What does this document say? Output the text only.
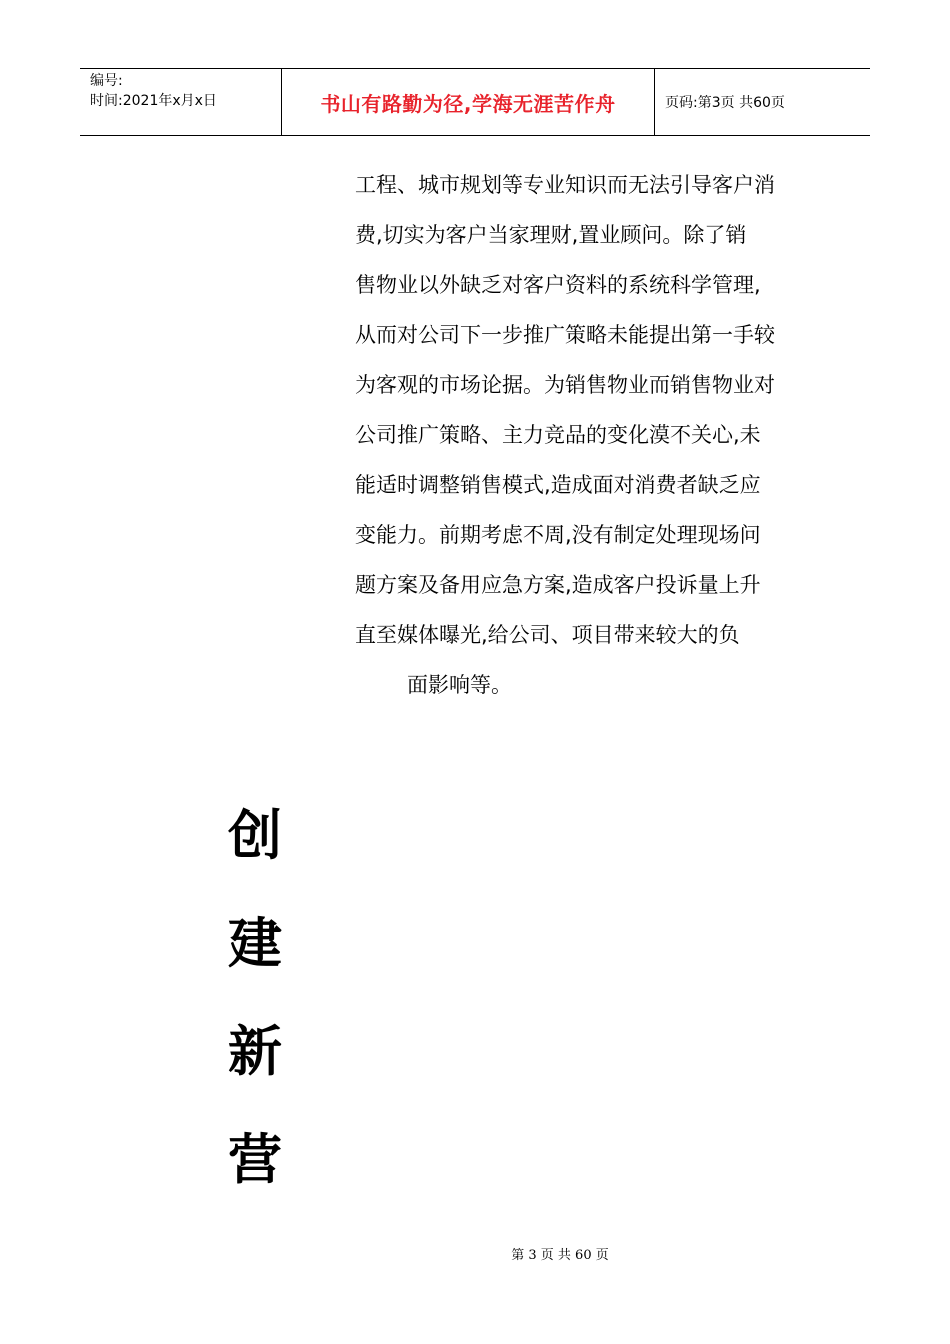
编号:
时间:2021年x月x日	书山有路勤为径,学海无涯苦作舟	页码:第3页 共60页
工程、城市规划等专业知识而无法引导客户消
费,切实为客户当家理财,置业顾问。除了销
售物业以外缺乏对客户资料的系统科学管理,
从而对公司下一步推广策略未能提出第一手较
为客观的市场论据。为销售物业而销售物业对
公司推广策略、主力竞品的变化漠不关心,未
能适时调整销售模式,造成面对消费者缺乏应
变能力。前期考虑不周,没有制定处理现场问
题方案及备用应急方案,造成客户投诉量上升
直至媒体曝光,给公司、项目带来较大的负
面影响等。
创
建
新
营
第 3 页 共 60 页
